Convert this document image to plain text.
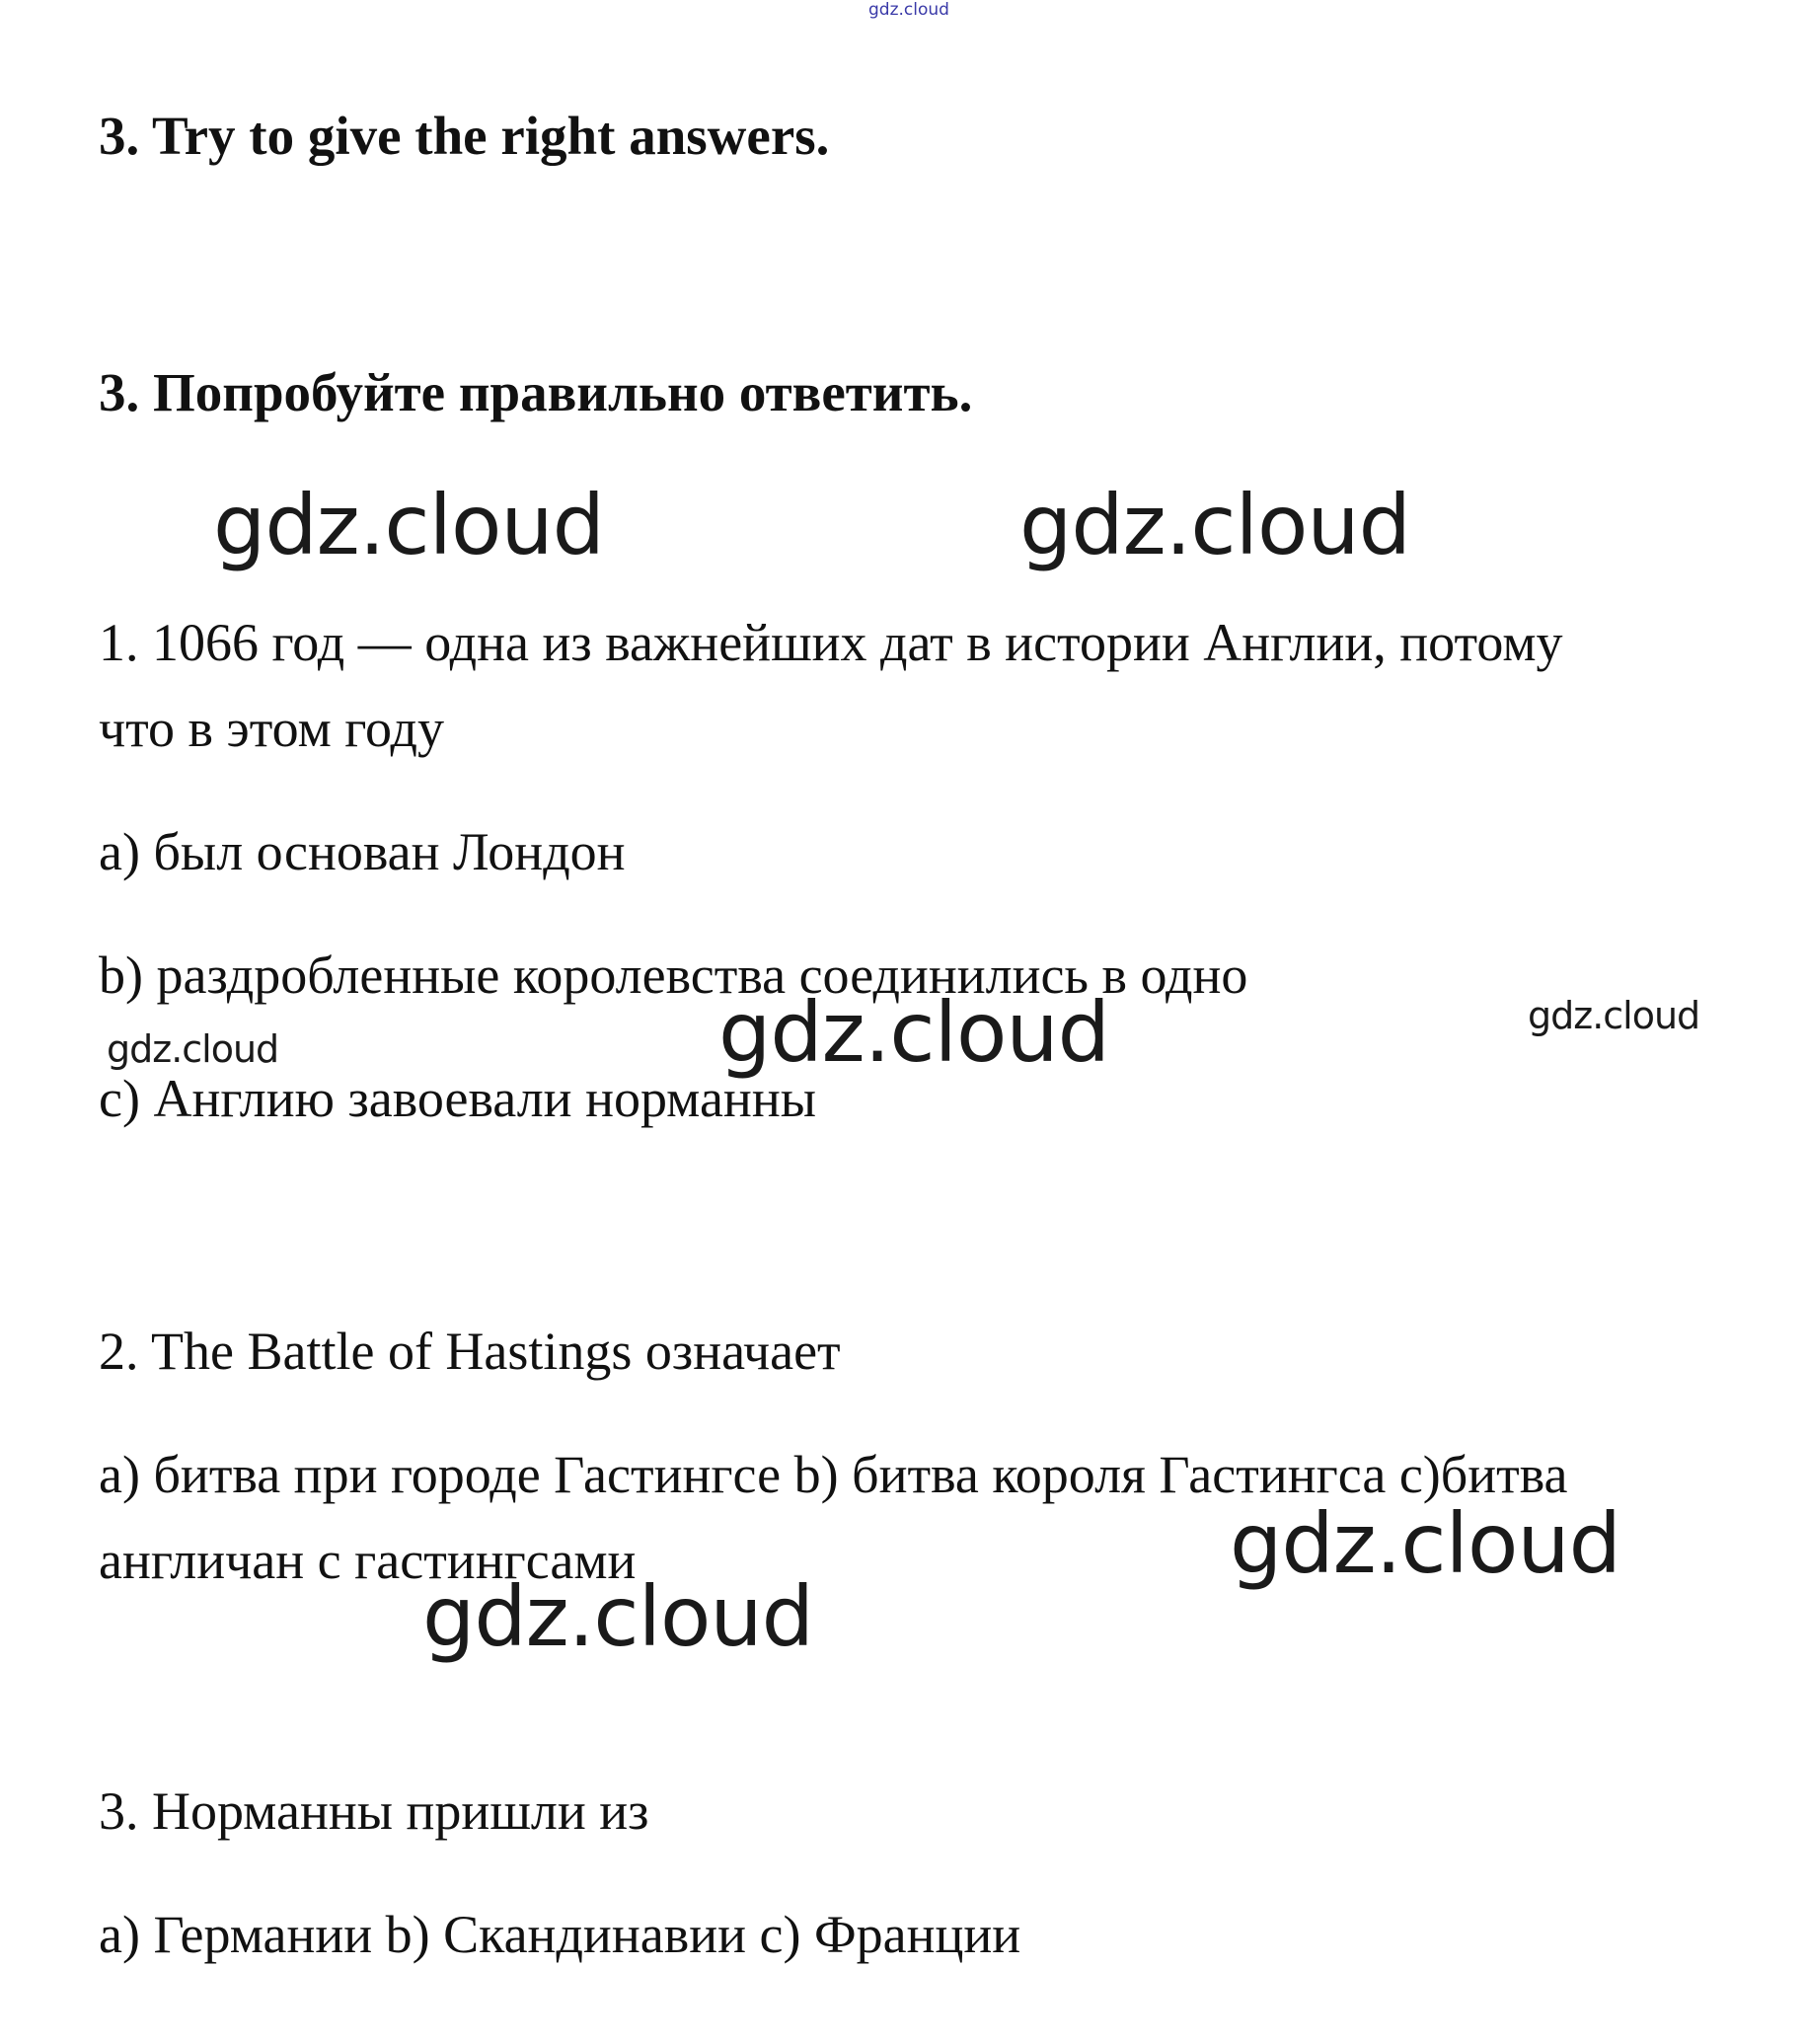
gdz.cloud
3. Try to give the right answers.
3. Попробуйте правильно ответить.
gdz.cloud	gdz.cloud
1. 1066 год — одна из важнейших дат в истории Англии, потому
что в этом году
a) был основан Лондон
b) раздробленные королевства соединились в одно
c) Англию завоевали норманны
gdz.cloud
gdz.cloud	gdz.cloud
2. The Battle of Hastings означает
a) битва при городе Гастингсе b) битва короля Гастингса c)битва
англичан с гастингсами	gdz.cloud
gdz.cloud
3. Норманны пришли из
a) Германии b) Скандинавии c) Франции
